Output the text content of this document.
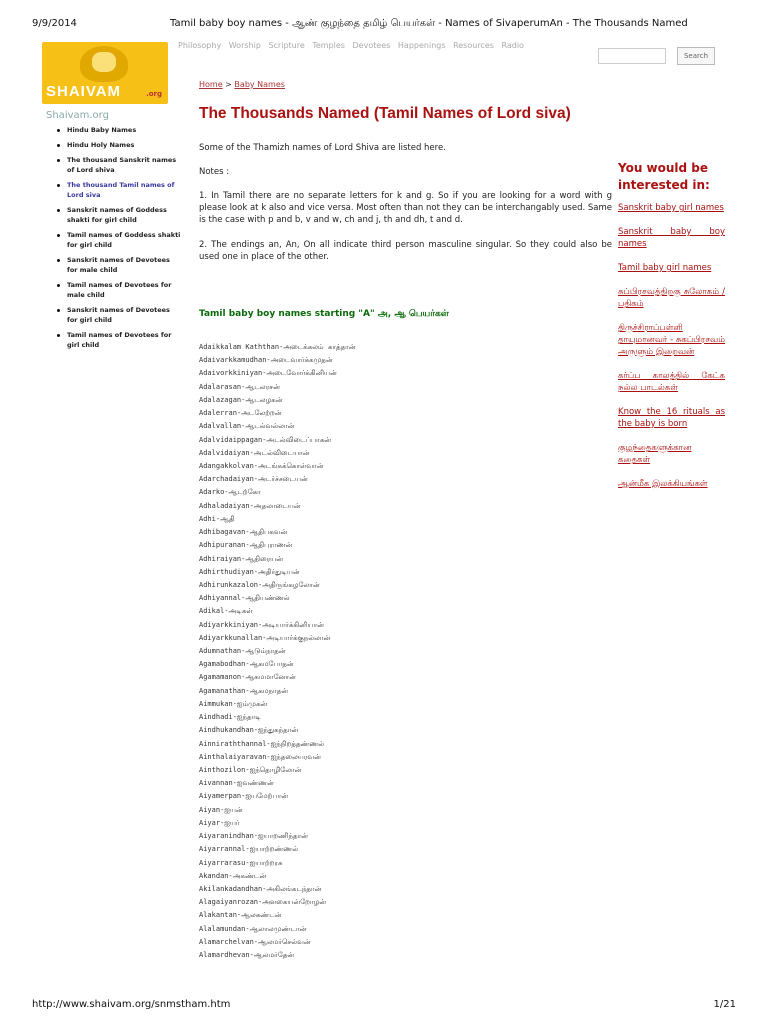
9/9/2014	Tamil baby boy names - ஆண் குழந்தை தமிழ் பெயர்கள் - Names of SivaperumAn - The Thousands Named
SHAIVAM	.org
Philosophy Worship Scripture Temples Devotees Happenings Resources Radio
Search
Shaivam.org
Hindu Baby Names
Hindu Holy Names
The thousand Sanskrit names of Lord shiva
The thousand Tamil names of Lord siva
Sanskrit names of Goddess shakti for girl child
Tamil names of Goddess shakti for girl child
Sanskrit names of Devotees for male child
Tamil names of Devotees for male child
Sanskrit names of Devotees for girl child
Tamil names of Devotees for girl child
Home > Baby Names
The Thousands Named (Tamil Names of Lord siva)
Some of the Thamizh names of Lord Shiva are listed here.
Notes :
1. In Tamil there are no separate letters for k and g. So if you are looking for a word with g please look at k also and vice versa. Most often than not they can be interchangably used. Same is the case with p and b, v and w, ch and j, th and dh, t and d.
2. The endings an, An, On all indicate third person masculine singular. So they could also be used one in place of the other.
Tamil baby boy names starting "A" அ, ஆ பெயர்கள்
Adaikkalam Kaththan-அடைக்கலம் காத்தான்
Adaivarkkamudhan-அடைவார்க்கமுதன்
Adaivorkkiniyan-அடைவோர்க்கினியன்
Adalarasan-ஆடலரசன்
Adalazagan-ஆடலழகன்
Adalerran-அடலேற்றன்
Adalvallan-ஆடல்வல்லான்
Adalvidaippagan-அடல்விடைப்பாகன்
Adalvidaiyan-அடல்விடையான்
Adangakkolvan-அடங்கக்கொள்வான்
Adarchadaiyan-அடர்ச்சடையன்
Adarko-ஆடற்கோ
Adhaladaiyan-அதலாடையன்
Adhi-ஆதி
Adhibagavan-ஆதிபகவன்
Adhipuranan-ஆதிபுராணன்
Adhiraiyan-ஆதிரையன்
Adhirthudiyan-அதிர்துடியன்
Adhirunkazalon-அதிருங்கழலோன்
Adhiyannal-ஆதியண்ணல்
Adikal-அடிகள்
Adiyarkkiniyan-அடியார்க்கினியான்
Adiyarkkunallan-அடியார்க்குநல்லான்
Adumnathan-ஆடும்நாதன்
Agamabodhan-ஆகமபோதன்
Agamamanon-ஆகமமானோன்
Agamanathan-ஆகமநாதன்
Aimmukan-ஐம்முகன்
Aindhadi-ஐந்தாடி
Aindhukandhan-ஐந்துகந்தான்
Ainniraththannal-ஐந்நிறத்தண்ணல்
Ainthalaiyaravan-ஐந்தலையரவன்
Ainthozilon-ஐந்தொழிலோன்
Aivannan-ஐவண்ணன்
Aiyamerpan-ஐயமேற்பான்
Aiyan-ஐயன்
Aiyar-ஐயர்
Aiyaranindhan-ஐயாறணிந்தான்
Aiyarrannal-ஐயாற்றண்ணல்
Aiyarrarasu-ஐயாற்றரசு
Akandan-அகண்டன்
Akilankadandhan-அகிலங்கடந்தான்
Alagaiyanrozan-அளகையன்றோழன்
Alakantan-ஆலகண்டன்
Alalamundan-ஆலாலமுண்டான்
Alamarchelvan-ஆலமர்செல்வன்
Alamardhevan-ஆலமர்தேன்
You would be interested in:
Sanskrit baby girl names
Sanskrit baby boy names
Tamil baby girl names
சுப்பிரசவத்திறகு சுலோகம் / பதிகம்
திருச்சிராப்பள்ளி தாயுமானவர் - சுகப்பிரசவம் அருளும் இறைவன்
கர்ப்ப காலத்தில் கேட்க நல்ல பாடல்கள்
Know the 16 rituals as the baby is born
குழந்தைகளுக்கான கதைகள்
ஆன்மீக இலக்கியங்கள்
http://www.shaivam.org/snmstham.htm	1/21
